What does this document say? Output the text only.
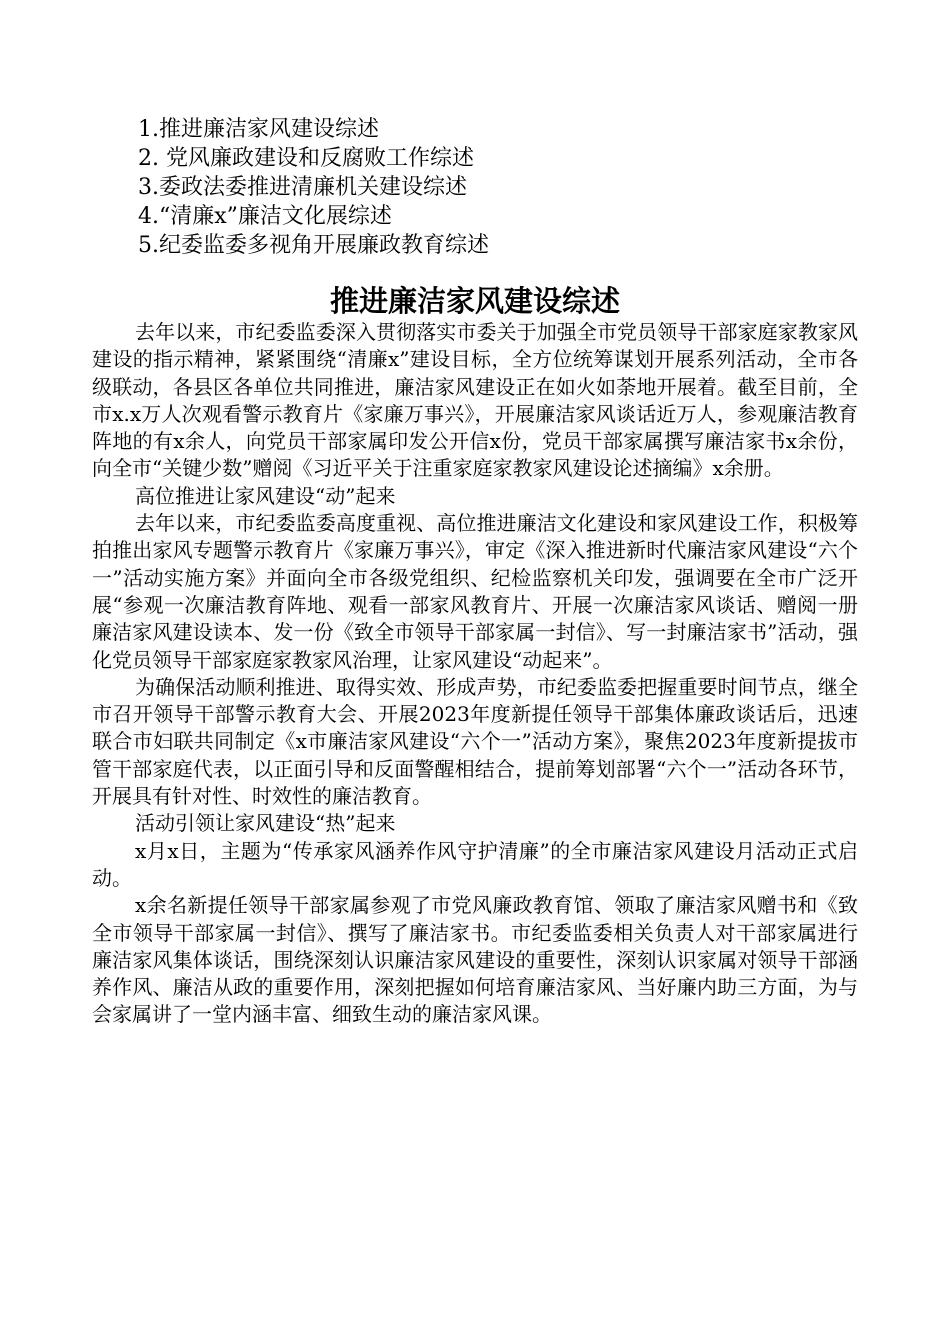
1.推进廉洁家风建设综述
2. 党风廉政建设和反腐败工作综述
3.委政法委推进清廉机关建设综述
4.“清廉x”廉洁文化展综述
5.纪委监委多视角开展廉政教育综述
推进廉洁家风建设综述

去年以来，市纪委监委深入贯彻落实市委关于加强全市党员领导干部家庭家教家风建设的指示精神，紧紧围绕“清廉x”建设目标，全方位统筹谋划开展系列活动，全市各级联动，各县区各单位共同推进，廉洁家风建设正在如火如荼地开展着。截至目前，全市x.x万人次观看警示教育片《家廉万事兴》，开展廉洁家风谈话近万人，参观廉洁教育阵地的有x余人，向党员干部家属印发公开信x份，党员干部家属撰写廉洁家书x余份，向全市“关键少数”赠阅《习近平关于注重家庭家教家风建设论述摘编》x余册。

高位推进让家风建设“动”起来

去年以来，市纪委监委高度重视、高位推进廉洁文化建设和家风建设工作，积极筹拍推出家风专题警示教育片《家廉万事兴》，审定《深入推进新时代廉洁家风建设“六个一”活动实施方案》并面向全市各级党组织、纪检监察机关印发，强调要在全市广泛开展“参观一次廉洁教育阵地、观看一部家风教育片、开展一次廉洁家风谈话、赠阅一册廉洁家风建设读本、发一份《致全市领导干部家属一封信》、写一封廉洁家书”活动，强化党员领导干部家庭家教家风治理，让家风建设“动起来”。

为确保活动顺利推进、取得实效、形成声势，市纪委监委把握重要时间节点，继全市召开领导干部警示教育大会、开展2023年度新提任领导干部集体廉政谈话后，迅速联合市妇联共同制定《x市廉洁家风建设“六个一”活动方案》，聚焦2023年度新提拔市管干部家庭代表，以正面引导和反面警醒相结合，提前筹划部署“六个一”活动各环节，开展具有针对性、时效性的廉洁教育。

活动引领让家风建设“热”起来

x月x日，主题为“传承家风涵养作风守护清廉”的全市廉洁家风建设月活动正式启动。

x余名新提任领导干部家属参观了市党风廉政教育馆、领取了廉洁家风赠书和《致全市领导干部家属一封信》、撰写了廉洁家书。市纪委监委相关负责人对干部家属进行廉洁家风集体谈话，围绕深刻认识廉洁家风建设的重要性，深刻认识家属对领导干部涵养作风、廉洁从政的重要作用，深刻把握如何培育廉洁家风、当好廉内助三方面，为与会家属讲了一堂内涵丰富、细致生动的廉洁家风课。
